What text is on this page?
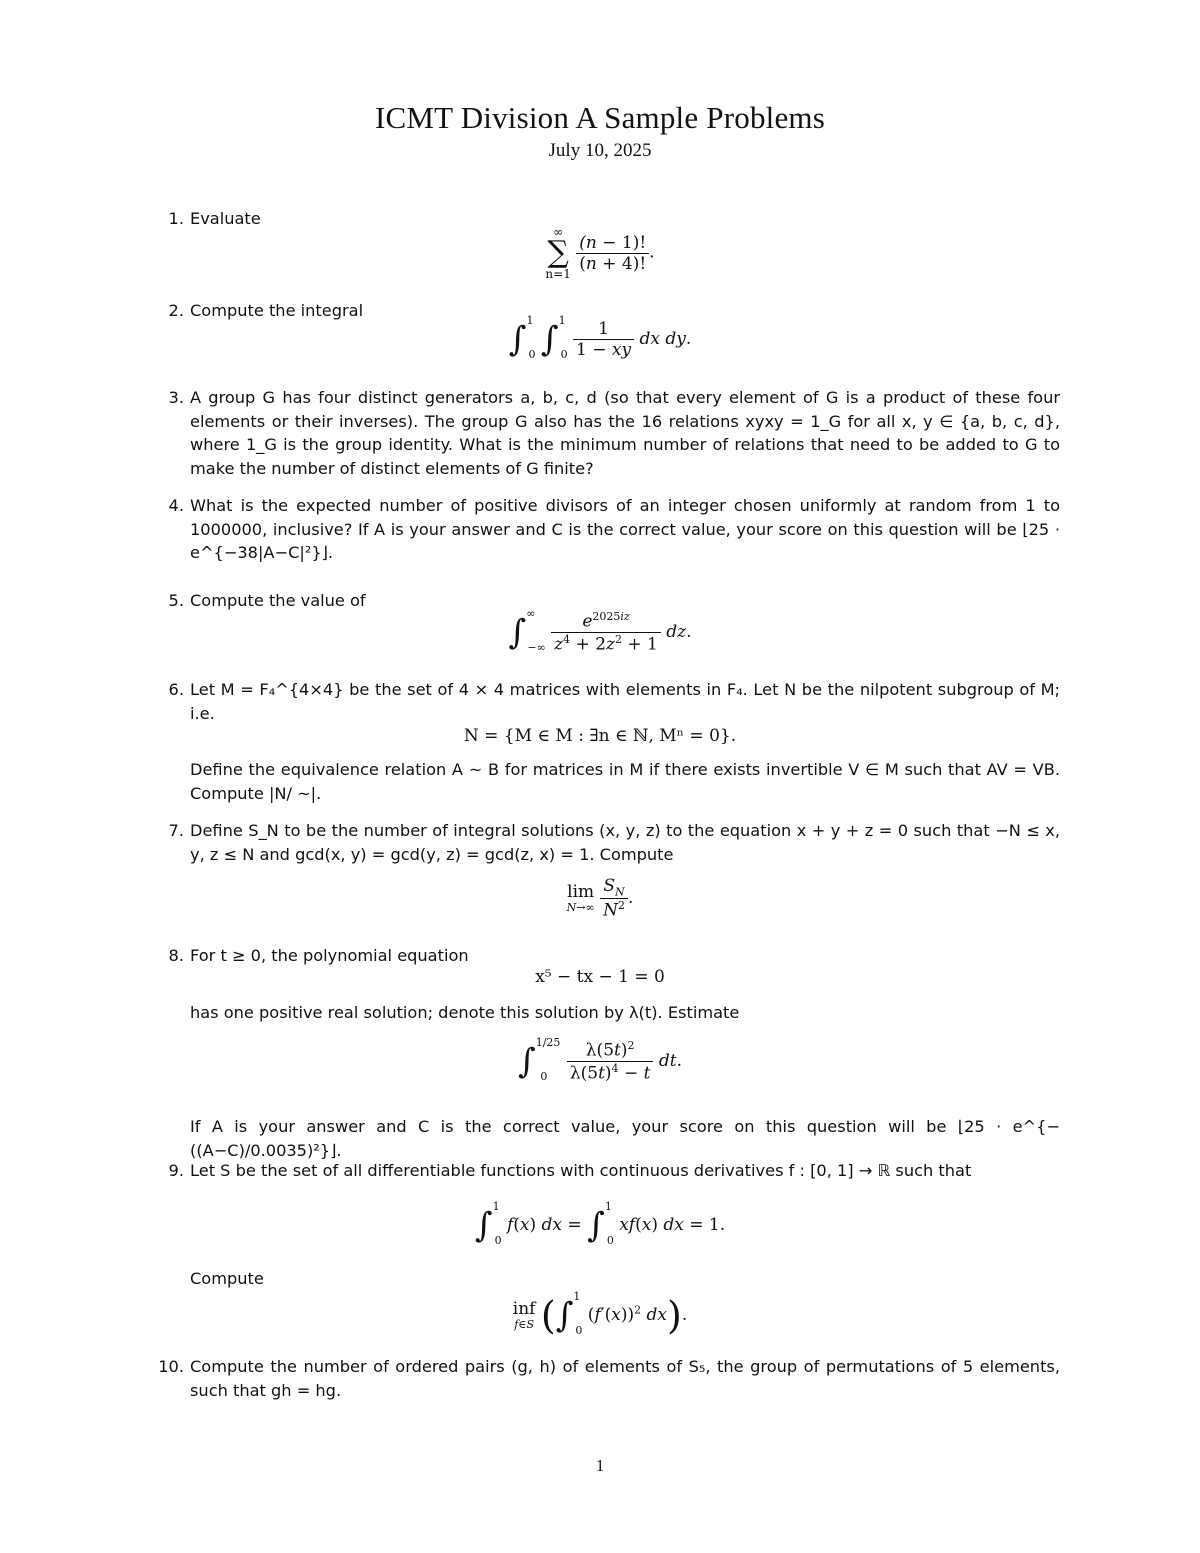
ICMT Division A Sample Problems
July 10, 2025
1. Evaluate
∞
∑
n=1

$\frac{(n - 1)!}{(n + 4)!}$ .
2. Compute the integral
∫$^1_0$ $\int^1_0 \frac{1}{1 - xy}$ dx dy.
3. A group G has four distinct generators a, b, c, d (so that every element of G is a product of these four elements or their inverses). The group G also has the 16 relations xyxy = 1_G for all x, y ∈ {a, b, c, d}, where 1_G is the group identity. What is the minimum number of relations that need to be added to G to make the number of distinct elements of G finite?
4. What is the expected number of positive divisors of an integer chosen uniformly at random from 1 to 1000000, inclusive? If A is your answer and C is the correct value, your score on this question will be ⌊25 · e^{−38|A−C|²}⌋.
5. Compute the value of
$\int^\infty_{-\infty} \frac{e^{2025iz}}{z^4 + 2z^2 + 1}$ dz.
6. Let M = F₄^{4×4} be the set of 4 × 4 matrices with elements in F₄. Let N be the nilpotent subgroup of M; i.e.
N = {M ∈ M : ∃n ∈ ℕ, Mⁿ = 0}.
Define the equivalence relation A ∼ B for matrices in M if there exists invertible V ∈ M such that AV = VB. Compute |N/ ∼|.
7. Define S_N to be the number of integral solutions (x, y, z) to the equation x + y + z = 0 such that −N ≤ x, y, z ≤ N and gcd(x, y) = gcd(y, z) = gcd(z, x) = 1. Compute
lim
N→∞
$\frac{S_N}{N^2}$ .
8. For t ≥ 0, the polynomial equation
x⁵ − tx − 1 = 0
has one positive real solution; denote this solution by λ(t). Estimate
$\int^{1/25}_0 \frac{\lambda(5t)^2}{\lambda(5t)^4 - t}$ dt.
If A is your answer and C is the correct value, your score on this question will be ⌊25 · e^{−((A−C)/0.0035)²}⌋.
9. Let S be the set of all differentiable functions with continuous derivatives f : [0, 1] → ℝ such that
∫$^1_0$ f(x) dx = ∫$^1_0$ xf(x) dx = 1.
Compute
inf
f∈S (∫$^1_0$ $(f'(x))^2$ dx).
10. Compute the number of ordered pairs (g, h) of elements of S₅, the group of permutations of 5 elements, such that gh = hg.
1
